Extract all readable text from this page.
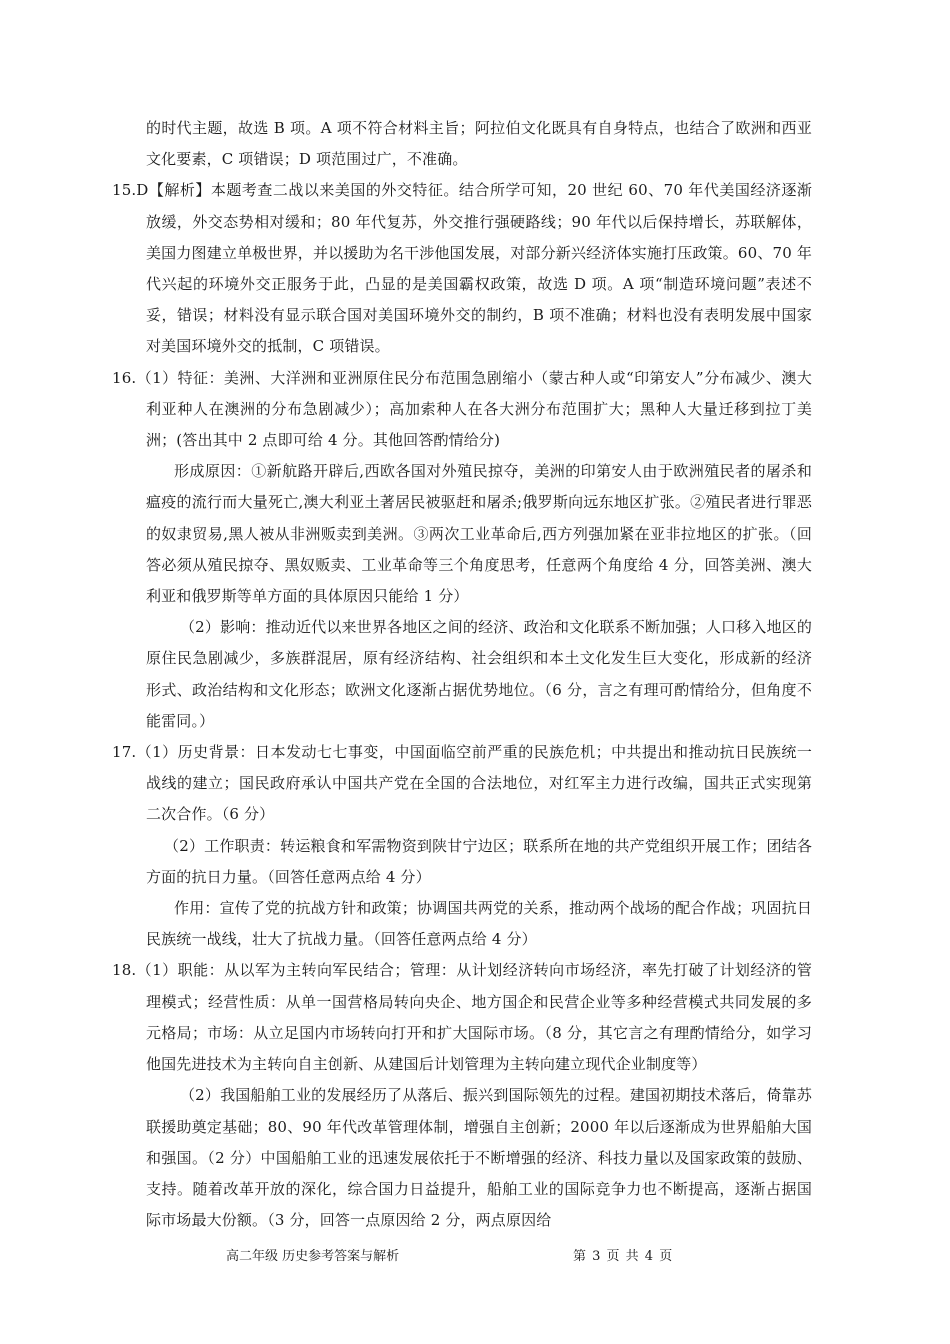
的时代主题，故选 B 项。A 项不符合材料主旨；阿拉伯文化既具有自身特点，也结合了欧洲和西亚文化要素，C 项错误；D 项范围过广，不准确。

15.D【解析】本题考查二战以来美国的外交特征。结合所学可知，20 世纪 60、70 年代美国经济逐渐放缓，外交态势相对缓和；80 年代复苏，外交推行强硬路线；90 年代以后保持增长，苏联解体，美国力图建立单极世界，并以援助为名干涉他国发展，对部分新兴经济体实施打压政策。60、70 年代兴起的环境外交正服务于此，凸显的是美国霸权政策，故选 D 项。A 项“制造环境问题”表述不妥，错误；材料没有显示联合国对美国环境外交的制约，B 项不准确；材料也没有表明发展中国家对美国环境外交的抵制，C 项错误。

16.（1）特征：美洲、大洋洲和亚洲原住民分布范围急剧缩小（蒙古种人或“印第安人”分布减少、澳大利亚种人在澳洲的分布急剧减少）；高加索种人在各大洲分布范围扩大；黑种人大量迁移到拉丁美洲；(答出其中 2 点即可给 4 分。其他回答酌情给分)

形成原因：①新航路开辟后,西欧各国对外殖民掠夺，美洲的印第安人由于欧洲殖民者的屠杀和瘟疫的流行而大量死亡,澳大利亚土著居民被驱赶和屠杀;俄罗斯向远东地区扩张。②殖民者进行罪恶的奴隶贸易,黑人被从非洲贩卖到美洲。③两次工业革命后,西方列强加紧在亚非拉地区的扩张。（回答必须从殖民掠夺、黑奴贩卖、工业革命等三个角度思考，任意两个角度给 4 分，回答美洲、澳大利亚和俄罗斯等单方面的具体原因只能给 1 分）

（2）影响：推动近代以来世界各地区之间的经济、政治和文化联系不断加强；人口移入地区的原住民急剧减少，多族群混居，原有经济结构、社会组织和本土文化发生巨大变化，形成新的经济形式、政治结构和文化形态；欧洲文化逐渐占据优势地位。（6 分，言之有理可酌情给分，但角度不能雷同。）

17.（1）历史背景：日本发动七七事变，中国面临空前严重的民族危机；中共提出和推动抗日民族统一战线的建立；国民政府承认中国共产党在全国的合法地位，对红军主力进行改编，国共正式实现第二次合作。（6 分）

（2）工作职责：转运粮食和军需物资到陕甘宁边区；联系所在地的共产党组织开展工作；团结各方面的抗日力量。（回答任意两点给 4 分）

作用：宣传了党的抗战方针和政策；协调国共两党的关系，推动两个战场的配合作战；巩固抗日民族统一战线，壮大了抗战力量。（回答任意两点给 4 分）

18.（1）职能：从以军为主转向军民结合；管理：从计划经济转向市场经济，率先打破了计划经济的管理模式；经营性质：从单一国营格局转向央企、地方国企和民营企业等多种经营模式共同发展的多元格局；市场：从立足国内市场转向打开和扩大国际市场。（8 分，其它言之有理酌情给分，如学习他国先进技术为主转向自主创新、从建国后计划管理为主转向建立现代企业制度等）

（2）我国船舶工业的发展经历了从落后、振兴到国际领先的过程。建国初期技术落后，倚靠苏联援助奠定基础；80、90 年代改革管理体制，增强自主创新；2000 年以后逐渐成为世界船舶大国和强国。（2 分）中国船舶工业的迅速发展依托于不断增强的经济、科技力量以及国家政策的鼓励、支持。随着改革开放的深化，综合国力日益提升，船舶工业的国际竞争力也不断提高，逐渐占据国际市场最大份额。（3 分，回答一点原因给 2 分，两点原因给

高二年级 历史参考答案与解析	第 3 页 共 4 页
